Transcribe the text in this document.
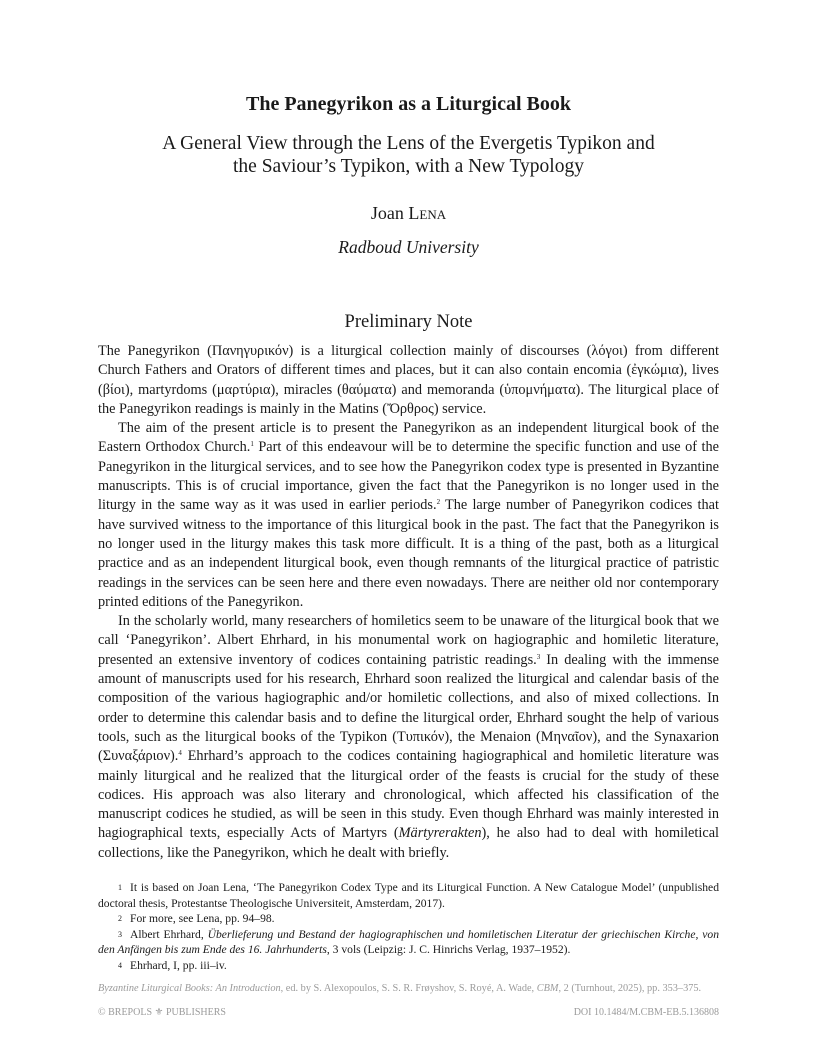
The Panegyrikon as a Liturgical Book
A General View through the Lens of the Evergetis Typikon and
the Saviour’s Typikon, with a New Typology
Joan Lena
Radboud University
Preliminary Note

The Panegyrikon (Πανηγυρικόν) is a liturgical collection mainly of discourses (λόγοι) from different Church Fathers and Orators of different times and places, but it can also contain encomia (ἐγκώμια), lives (βίοι), martyrdoms (μαρτύρια), miracles (θαύματα) and memoranda (ὑπομνήματα). The liturgical place of the Panegyrikon readings is mainly in the Matins (Ὄρθρος) service.

The aim of the present article is to present the Panegyrikon as an independent liturgical book of the Eastern Orthodox Church.$^1$ Part of this endeavour will be to determine the specific function and use of the Panegyrikon in the liturgical services, and to see how the Panegyrikon codex type is presented in Byzantine manuscripts. This is of crucial importance, given the fact that the Panegyrikon is no longer used in the liturgy in the same way as it was used in earlier periods.$^2$ The large number of Panegyrikon codices that have survived witness to the importance of this liturgical book in the past. The fact that the Panegyrikon is no longer used in the liturgy makes this task more difficult. It is a thing of the past, both as a liturgical practice and as an independent liturgical book, even though remnants of the liturgical practice of patristic readings in the services can be seen here and there even nowadays. There are neither old nor contemporary printed editions of the Panegyrikon.

In the scholarly world, many researchers of homiletics seem to be unaware of the liturgical book that we call ‘Panegyrikon’. Albert Ehrhard, in his monumental work on hagiographic and homiletic literature, presented an extensive inventory of codices containing patristic readings.$^3$ In dealing with the immense amount of manuscripts used for his research, Ehrhard soon realized the liturgical and calendar basis of the composition of the various hagiographic and/or homiletic collections, and also of mixed collections. In order to determine this calendar basis and to define the liturgical order, Ehrhard sought the help of various tools, such as the liturgical books of the Typikon (Τυπικόν), the Menaion (Μηναῖον), and the Synaxarion (Συναξάριον).$^4$ Ehrhard’s approach to the codices containing hagiographical and homiletic literature was mainly liturgical and he realized that the liturgical order of the feasts is crucial for the study of these codices. His approach was also literary and chronological, which affected his classification of the manuscript codices he studied, as will be seen in this study. Even though Ehrhard was mainly interested in hagiographical texts, especially Acts of Martyrs (Märtyrerakten), he also had to deal with homiletical collections, like the Panegyrikon, which he dealt with briefly.

$^1$ It is based on Joan Lena, ‘The Panegyrikon Codex Type and its Liturgical Function. A New Catalogue Model’ (unpublished doctoral thesis, Protestantse Theologische Universiteit, Amsterdam, 2017).

$^2$ For more, see Lena, pp. 94–98.

$^3$ Albert Ehrhard, Überlieferung und Bestand der hagiographischen und homiletischen Literatur der griechischen Kirche, von den Anfängen bis zum Ende des 16. Jahrhunderts, 3 vols (Leipzig: J. C. Hinrichs Verlag, 1937–1952).

$^4$ Ehrhard, I, pp. iii–iv.

Byzantine Liturgical Books: An Introduction, ed. by S. Alexopoulos, S. S. R. Frøyshov, S. Royé, A. Wade, CBM, 2 (Turnhout, 2025), pp. 353–375.
© BREPOLS ⚜ PUBLISHERS	DOI 10.1484/M.CBM-EB.5.136808
